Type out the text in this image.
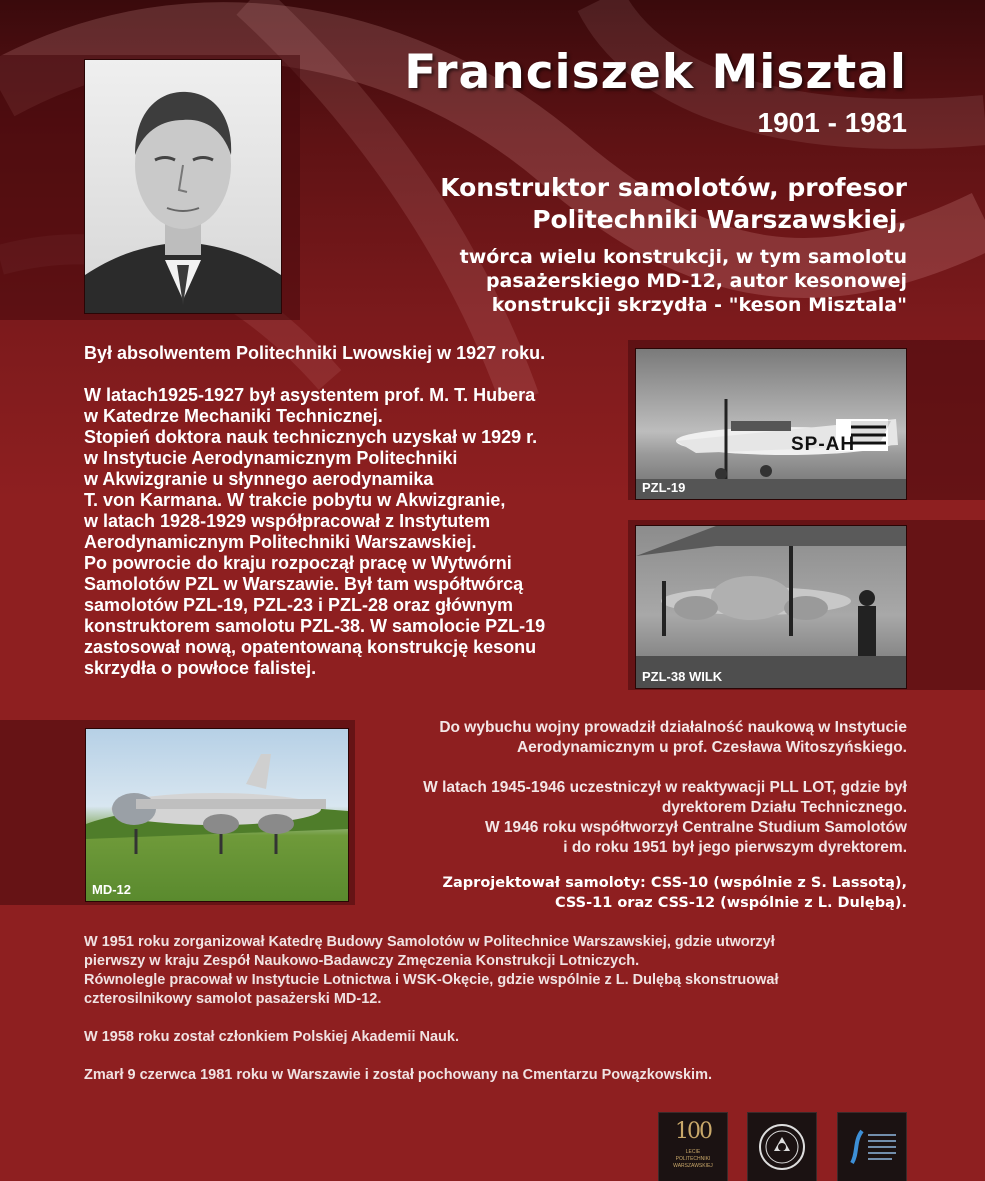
Franciszek Misztal
1901 - 1981
Konstruktor samolotów, profesor
Politechniki Warszawskiej,
twórca wielu konstrukcji, w tym samolotu
pasażerskiego MD-12, autor kesonowej
konstrukcji skrzydła - "keson Misztala"
Był absolwentem Politechniki Lwowskiej w 1927 roku.

W latach1925-1927 był asystentem prof. M. T. Hubera
w Katedrze Mechaniki Technicznej.
Stopień doktora nauk technicznych uzyskał w 1929 r.
w Instytucie Aerodynamicznym Politechniki
w Akwizgranie u słynnego aerodynamika
T. von Karmana. W trakcie pobytu w Akwizgranie,
w latach 1928-1929 współpracował z Instytutem
Aerodynamicznym Politechniki Warszawskiej.
Po powrocie do kraju rozpoczął pracę w Wytwórni
Samolotów PZL w Warszawie. Był tam współtwórcą
samolotów PZL-19, PZL-23 i PZL-28 oraz głównym
konstruktorem samolotu PZL-38. W samolocie PZL-19
zastosował nową, opatentowaną konstrukcję kesonu
skrzydła o powłoce falistej.
SP-AH
PZL-19
PZL-38 WILK
MD-12
Do wybuchu wojny prowadził działalność naukową w Instytucie
Aerodynamicznym u prof. Czesława Witoszyńskiego.

W latach 1945-1946 uczestniczył w reaktywacji PLL LOT, gdzie był
dyrektorem Działu Technicznego.
W 1946 roku współtworzył Centralne Studium Samolotów
i do roku 1951 był jego pierwszym dyrektorem.
Zaprojektował samoloty: CSS-10 (wspólnie z S. Lassotą),
CSS-11 oraz CSS-12 (wspólnie z L. Dulębą).
W 1951 roku zorganizował Katedrę Budowy Samolotów w Politechnice Warszawskiej, gdzie utworzył
pierwszy w kraju Zespół Naukowo-Badawczy Zmęczenia Konstrukcji Lotniczych.
Równolegle pracował w Instytucie Lotnictwa i WSK-Okęcie, gdzie wspólnie z L. Dulębą skonstruował
czterosilnikowy samolot pasażerski MD-12.

W 1958 roku został członkiem Polskiej Akademii Nauk.

Zmarł 9 czerwca 1981 roku w Warszawie i został pochowany na Cmentarzu Powązkowskim.
100
LECIE
POLITECHNIKI
WARSZAWSKIEJ
